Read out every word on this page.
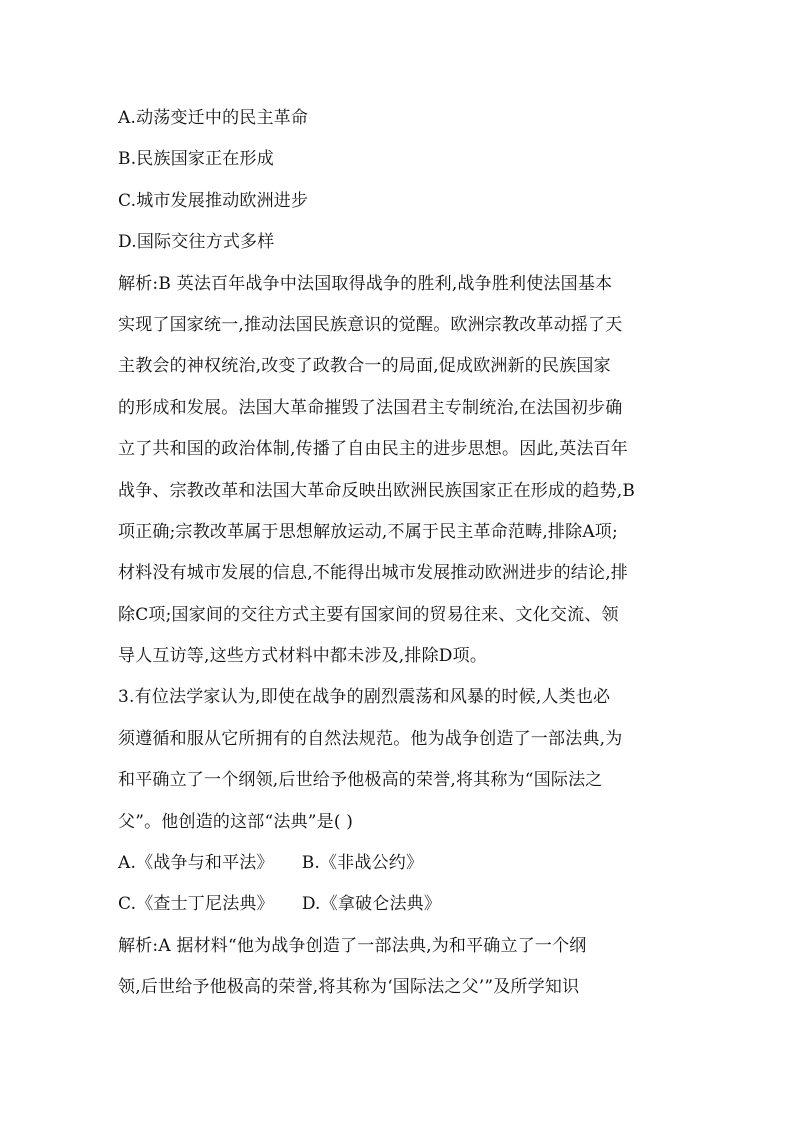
A.动荡变迁中的民主革命
B.民族国家正在形成
C.城市发展推动欧洲进步
D.国际交往方式多样
解析:B 英法百年战争中法国取得战争的胜利,战争胜利使法国基本
实现了国家统一,推动法国民族意识的觉醒。欧洲宗教改革动摇了天
主教会的神权统治,改变了政教合一的局面,促成欧洲新的民族国家
的形成和发展。法国大革命摧毁了法国君主专制统治,在法国初步确
立了共和国的政治体制,传播了自由民主的进步思想。因此,英法百年
战争、宗教改革和法国大革命反映出欧洲民族国家正在形成的趋势,B
项正确;宗教改革属于思想解放运动,不属于民主革命范畴,排除A项;
材料没有城市发展的信息,不能得出城市发展推动欧洲进步的结论,排
除C项;国家间的交往方式主要有国家间的贸易往来、文化交流、领
导人互访等,这些方式材料中都未涉及,排除D项。
3.有位法学家认为,即使在战争的剧烈震荡和风暴的时候,人类也必
须遵循和服从它所拥有的自然法规范。他为战争创造了一部法典,为
和平确立了一个纲领,后世给予他极高的荣誉,将其称为“国际法之
父”。他创造的这部“法典”是( )
A.《战争与和平法》 B.《非战公约》
C.《查士丁尼法典》 D.《拿破仑法典》
解析:A 据材料“他为战争创造了一部法典,为和平确立了一个纲
领,后世给予他极高的荣誉,将其称为‘国际法之父’”及所学知识
